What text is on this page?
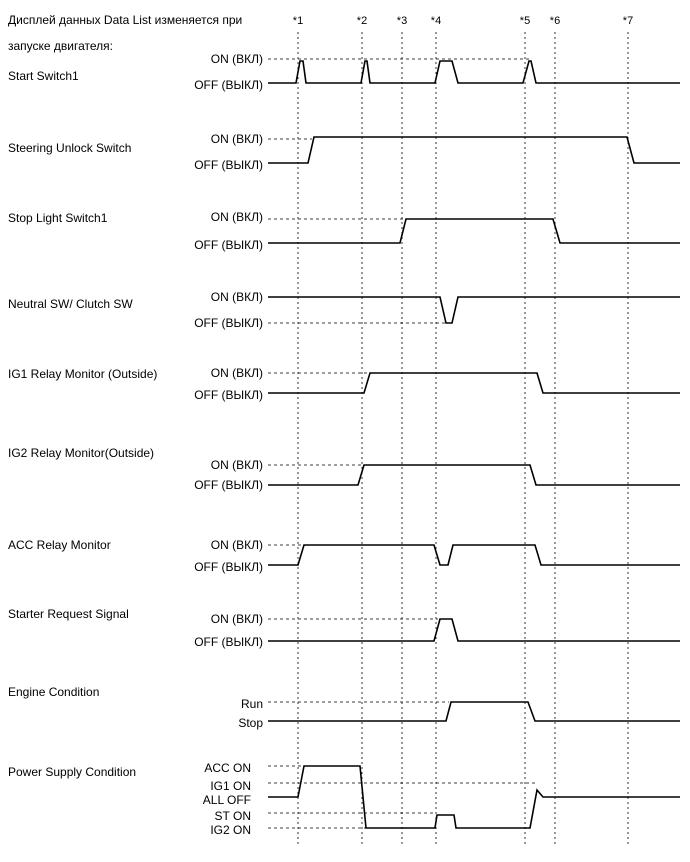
Дисплей данных Data List изменяется при
запуске двигателя:
*1	*2	*3 *4	*5 *6	*7
Start Switch1
ON (ВКЛ)
OFF (ВЫКЛ)
Steering Unlock Switch
ON (ВКЛ)
OFF (ВЫКЛ)
Stop Light Switch1	ON (ВКЛ)
OFF (ВЫКЛ)
Neutral SW/ Clutch SW	ON (ВКЛ)
OFF (ВЫКЛ)
IG1 Relay Monitor (Outside)	ON (ВКЛ)
OFF (ВЫКЛ)
IG2 Relay Monitor(Outside)
ON (ВКЛ)
OFF (ВЫКЛ)
ACC Relay Monitor	ON (ВКЛ)
OFF (ВЫКЛ)
Starter Request Signal	ON (ВКЛ)
OFF (ВЫКЛ)
Engine Condition
Run
Stop
Power Supply Condition	ACC ON
IG1 ON
ALL OFF
ST ON
IG2 ON
